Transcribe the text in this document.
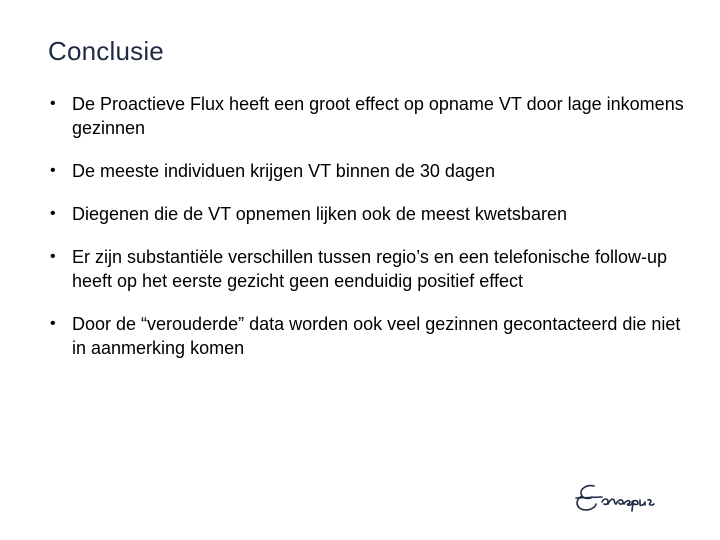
Conclusie
• De Proactieve Flux heeft een groot effect op opname VT door lage inkomens gezinnen
• De meeste individuen krijgen VT binnen de 30 dagen
• Diegenen die de VT opnemen lijken ook de meest kwetsbaren
• Er zijn substantiële verschillen tussen regio’s en een telefonische follow-up heeft op het eerste gezicht geen eenduidig positief effect
• Door de “verouderde” data worden ook veel gezinnen gecontacteerd die niet in aanmerking komen
